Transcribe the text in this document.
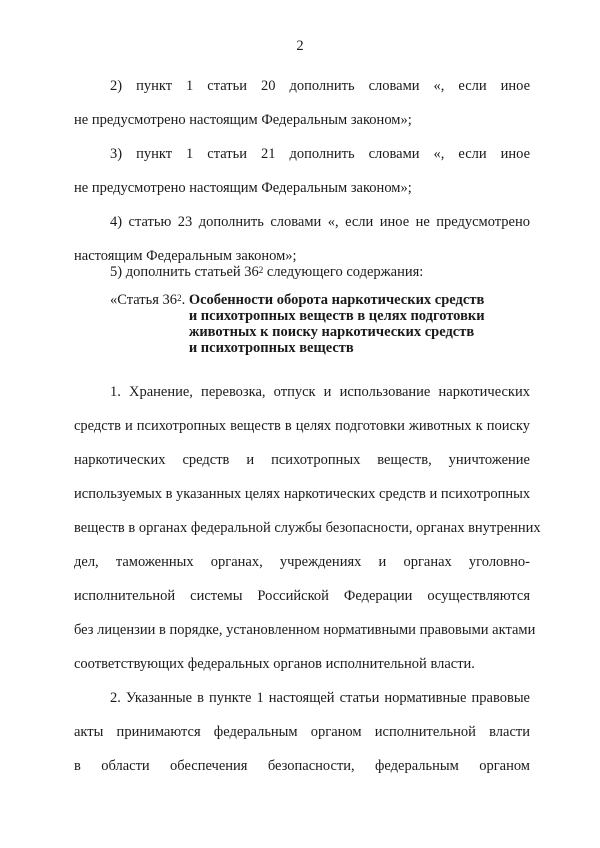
2
2) пункт 1 статьи 20 дополнить словами «, если иное
не предусмотрено настоящим Федеральным законом»;
3) пункт 1 статьи 21 дополнить словами «, если иное
не предусмотрено настоящим Федеральным законом»;
4) статью 23 дополнить словами «, если иное не предусмотрено
настоящим Федеральным законом»;
5) дополнить статьей $36^2$ следующего содержания:
«Статья $36^2$. Особенности оборота наркотических средств
и психотропных веществ в целях подготовки
животных к поиску наркотических средств
и психотропных веществ
1. Хранение, перевозка, отпуск и использование наркотических
средств и психотропных веществ в целях подготовки животных к поиску
наркотических средств и психотропных веществ, уничтожение
используемых в указанных целях наркотических средств и психотропных
веществ в органах федеральной службы безопасности, органах внутренних
дел, таможенных органах, учреждениях и органах уголовно-
исполнительной системы Российской Федерации осуществляются
без лицензии в порядке, установленном нормативными правовыми актами
соответствующих федеральных органов исполнительной власти.
2. Указанные в пункте 1 настоящей статьи нормативные правовые
акты принимаются федеральным органом исполнительной власти
в области обеспечения безопасности, федеральным органом
